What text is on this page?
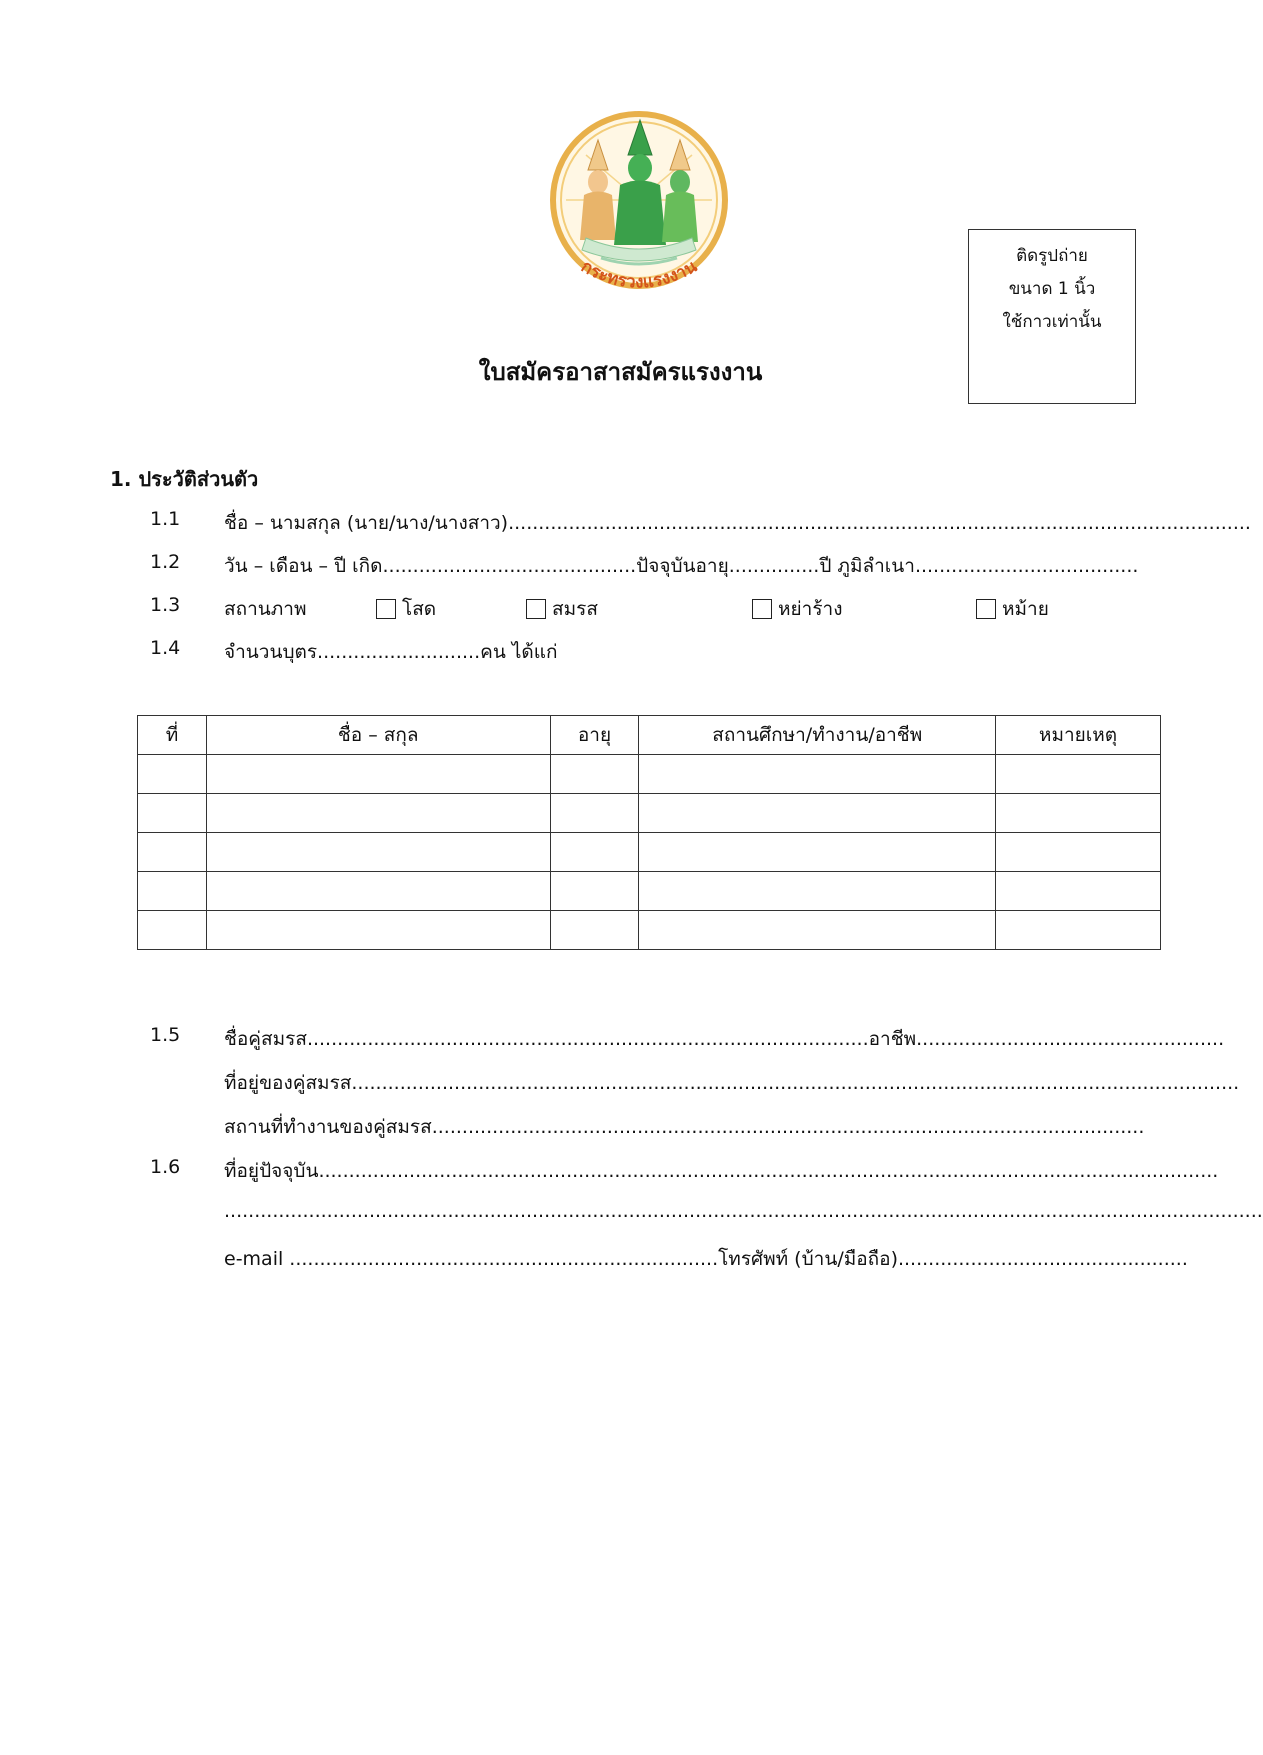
กระทรวงแรงงาน
ติดรูปถ่าย
ขนาด 1 นิ้ว
ใช้กาวเท่านั้น
ใบสมัครอาสาสมัครแรงงาน
1. ประวัติส่วนตัว
1.1 ชื่อ – นามสกุล (นาย/นาง/นางสาว)...........................................................................................................................
1.2 วัน – เดือน – ปี เกิด..........................................ปัจจุบันอายุ...............ปี ภูมิลำเนา.....................................
1.3 สถานภาพ	โสด	สมรส	หย่าร้าง	หม้าย
1.4 จำนวนบุตร...........................คน ได้แก่
ที่	ชื่อ – สกุล	อายุ	สถานศึกษา/ทำงาน/อาชีพ	หมายเหตุ

1.5 ชื่อคู่สมรส.............................................................................................อาชีพ...................................................
ที่อยู่ของคู่สมรส...................................................................................................................................................
สถานที่ทำงานของคู่สมรส......................................................................................................................
1.6 ที่อยู่ปัจจุบัน.....................................................................................................................................................
............................................................................................................................................................................
e-mail .......................................................................โทรศัพท์ (บ้าน/มือถือ)................................................
